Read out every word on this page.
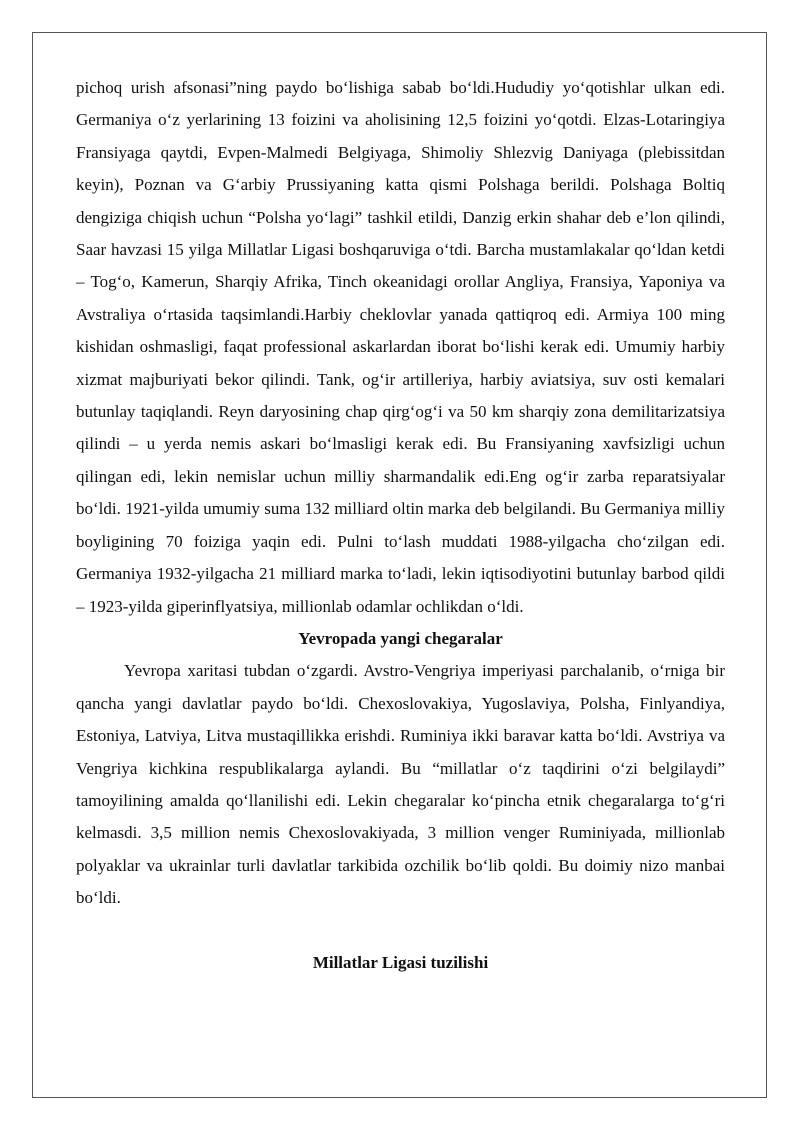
pichoq urish afsonasi”ning paydo bo‘lishiga sabab bo‘ldi.Hududiy yo‘qotishlar ulkan edi. Germaniya o‘z yerlarining 13 foizini va aholisining 12,5 foizini yo‘qotdi. Elzas-Lotaringiya Fransiyaga qaytdi, Evpen-Malmedi Belgiyaga, Shimoliy Shlezvig Daniyaga (plebissitdan keyin), Poznan va G‘arbiy Prussiyaning katta qismi Polshaga berildi. Polshaga Boltiq dengiziga chiqish uchun “Polsha yo‘lagi” tashkil etildi, Danzig erkin shahar deb e’lon qilindi, Saar havzasi 15 yilga Millatlar Ligasi boshqaruviga o‘tdi. Barcha mustamlakalar qo‘ldan ketdi – Tog‘o, Kamerun, Sharqiy Afrika, Tinch okeanidagi orollar Angliya, Fransiya, Yaponiya va Avstraliya o‘rtasida taqsimlandi.Harbiy cheklovlar yanada qattiqroq edi. Armiya 100 ming kishidan oshmasligi, faqat professional askarlardan iborat bo‘lishi kerak edi. Umumiy harbiy xizmat majburiyati bekor qilindi. Tank, og‘ir artilleriya, harbiy aviatsiya, suv osti kemalari butunlay taqiqlandi. Reyn daryosining chap qirg‘og‘i va 50 km sharqiy zona demilitarizatsiya qilindi – u yerda nemis askari bo‘lmasligi kerak edi. Bu Fransiyaning xavfsizligi uchun qilingan edi, lekin nemislar uchun milliy sharmandalik edi.Eng og‘ir zarba reparatsiyalar bo‘ldi. 1921-yilda umumiy suma 132 milliard oltin marka deb belgilandi. Bu Germaniya milliy boyligining 70 foiziga yaqin edi. Pulni to‘lash muddati 1988-yilgacha cho‘zilgan edi. Germaniya 1932-yilgacha 21 milliard marka to‘ladi, lekin iqtisodiyotini butunlay barbod qildi – 1923-yilda giperinflyatsiya, millionlab odamlar ochlikdan o‘ldi.

Yevropada yangi chegaralar

Yevropa xaritasi tubdan o‘zgardi. Avstro-Vengriya imperiyasi parchalanib, o‘rniga bir qancha yangi davlatlar paydo bo‘ldi. Chexoslovakiya, Yugoslaviya, Polsha, Finlyandiya, Estoniya, Latviya, Litva mustaqillikka erishdi. Ruminiya ikki baravar katta bo‘ldi. Avstriya va Vengriya kichkina respublikalarga aylandi. Bu “millatlar o‘z taqdirini o‘zi belgilaydi” tamoyilining amalda qo‘llanilishi edi. Lekin chegaralar ko‘pincha etnik chegaralarga to‘g‘ri kelmasdi. 3,5 million nemis Chexoslovakiyada, 3 million venger Ruminiyada, millionlab polyaklar va ukrainlar turli davlatlar tarkibida ozchilik bo‘lib qoldi. Bu doimiy nizo manbai bo‘ldi.

Millatlar Ligasi tuzilishi
